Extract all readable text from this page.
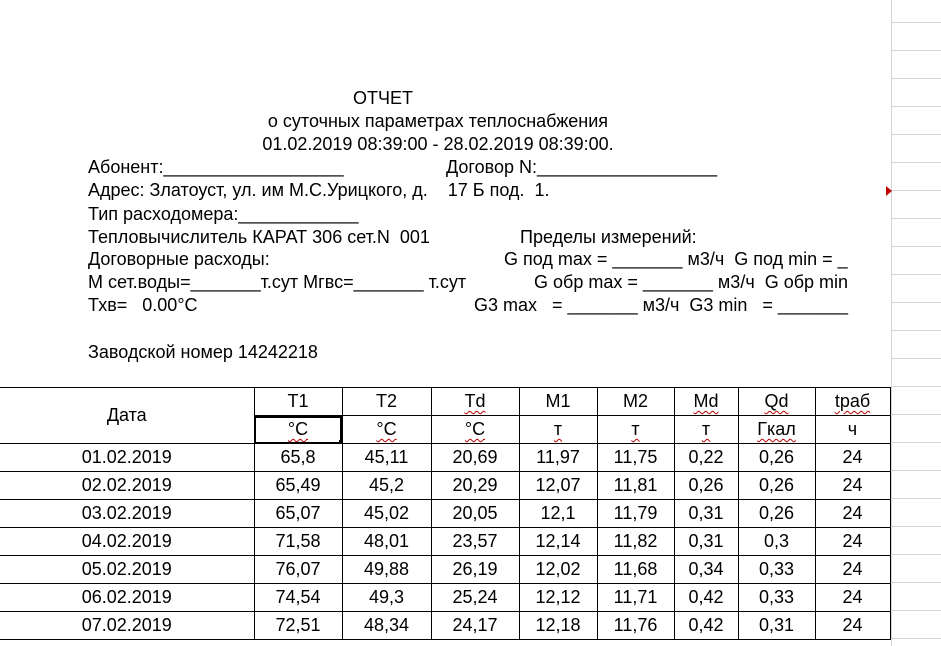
ОТЧЕТ
о суточных параметрах теплоснабжения
01.02.2019 08:39:00 - 28.02.2019 08:39:00.
Абонент:__________________	Договор N:__________________
Адрес: Златоуст, ул. им М.С.Урицкого, д.    17 Б под.  1.
Тип расходомера:____________
Тепловычислитель КАРАТ 306 сет.N  001	Пределы измерений:
Договорные расходы:	G под max = _______ м3/ч  G под min = _
М сет.воды=_______т.сут Мгвс=_______ т.сут	G обр max = _______ м3/ч  G обр min
Тхв=   0.00°С	G3 max   = _______ м3/ч  G3 min   = _______
Заводской номер 14242218
Дата	T1	T2	Td	M1	M2	Md	Qd	tраб
	°C	°C	°C	т	т	т	Гкал	ч
01.02.2019	65,8	45,11	20,69	11,97	11,75	0,22	0,26	24
02.02.2019	65,49	45,2	20,29	12,07	11,81	0,26	0,26	24
03.02.2019	65,07	45,02	20,05	12,1	11,79	0,31	0,26	24
04.02.2019	71,58	48,01	23,57	12,14	11,82	0,31	0,3	24
05.02.2019	76,07	49,88	26,19	12,02	11,68	0,34	0,33	24
06.02.2019	74,54	49,3	25,24	12,12	11,71	0,42	0,33	24
07.02.2019	72,51	48,34	24,17	12,18	11,76	0,42	0,31	24
